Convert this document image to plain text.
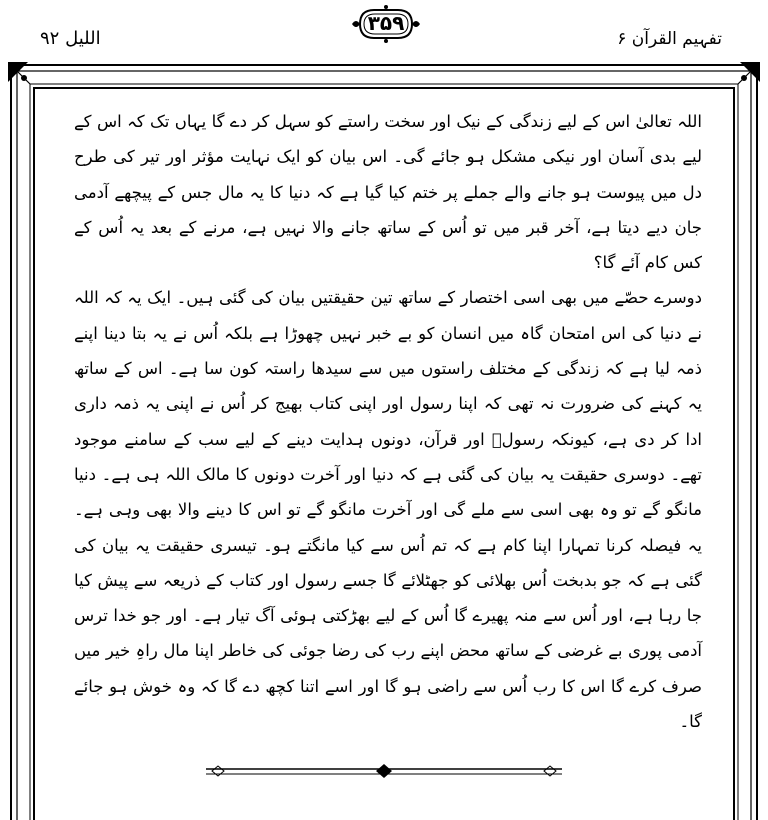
تفہیم القرآن ۶
۳۵۹
اللیل ۹۲

اللہ تعالیٰ اس کے لیے زندگی کے نیک اور سخت راستے کو سہل کر دے گا یہاں تک کہ اس کے لیے بدی آسان اور نیکی مشکل ہو جائے گی۔ اس بیان کو ایک نہایت مؤثر اور تیر کی طرح دل میں پیوست ہو جانے والے جملے پر ختم کیا گیا ہے کہ دنیا کا یہ مال جس کے پیچھے آدمی جان دیے دیتا ہے، آخر قبر میں تو اُس کے ساتھ جانے والا نہیں ہے، مرنے کے بعد یہ اُس کے کس کام آئے گا؟

دوسرے حصّے میں بھی اسی اختصار کے ساتھ تین حقیقتیں بیان کی گئی ہیں۔ ایک یہ کہ اللہ نے دنیا کی اس امتحان گاہ میں انسان کو بے خبر نہیں چھوڑا ہے بلکہ اُس نے یہ بتا دینا اپنے ذمہ لیا ہے کہ زندگی کے مختلف راستوں میں سے سیدھا راستہ کون سا ہے۔ اس کے ساتھ یہ کہنے کی ضرورت نہ تھی کہ اپنا رسول اور اپنی کتاب بھیج کر اُس نے اپنی یہ ذمہ داری ادا کر دی ہے، کیونکہ رسولؐ اور قرآن، دونوں ہدایت دینے کے لیے سب کے سامنے موجود تھے۔ دوسری حقیقت یہ بیان کی گئی ہے کہ دنیا اور آخرت دونوں کا مالک اللہ ہی ہے۔ دنیا مانگو گے تو وہ بھی اسی سے ملے گی اور آخرت مانگو گے تو اس کا دینے والا بھی وہی ہے۔ یہ فیصلہ کرنا تمہارا اپنا کام ہے کہ تم اُس سے کیا مانگتے ہو۔ تیسری حقیقت یہ بیان کی گئی ہے کہ جو بدبخت اُس بھلائی کو جھٹلائے گا جسے رسول اور کتاب کے ذریعہ سے پیش کیا جا رہا ہے، اور اُس سے منہ پھیرے گا اُس کے لیے بھڑکتی ہوئی آگ تیار ہے۔ اور جو خدا ترس آدمی پوری بے غرضی کے ساتھ محض اپنے رب کی رضا جوئی کی خاطر اپنا مال راہِ خیر میں صرف کرے گا اس کا رب اُس سے راضی ہو گا اور اسے اتنا کچھ دے گا کہ وہ خوش ہو جائے گا۔
